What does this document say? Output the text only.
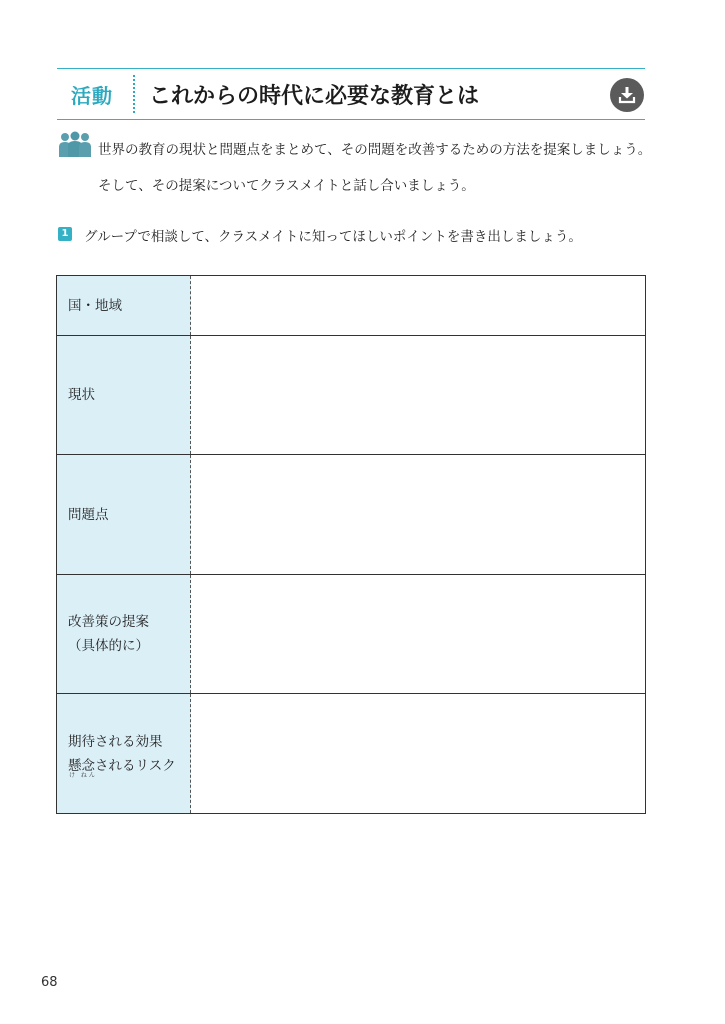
活動 これからの時代に必要な教育とは
世界の教育の現状と問題点をまとめて、その問題を改善するための方法を提案しましょう。
そして、その提案についてクラスメイトと話し合いましょう。
1 グループで相談して、クラスメイトに知ってほしいポイントを書き出しましょう。
国・地域
現状
問題点
改善策の提案
（具体的に）
期待される効果
懸念されるリスク
け ねん
68
